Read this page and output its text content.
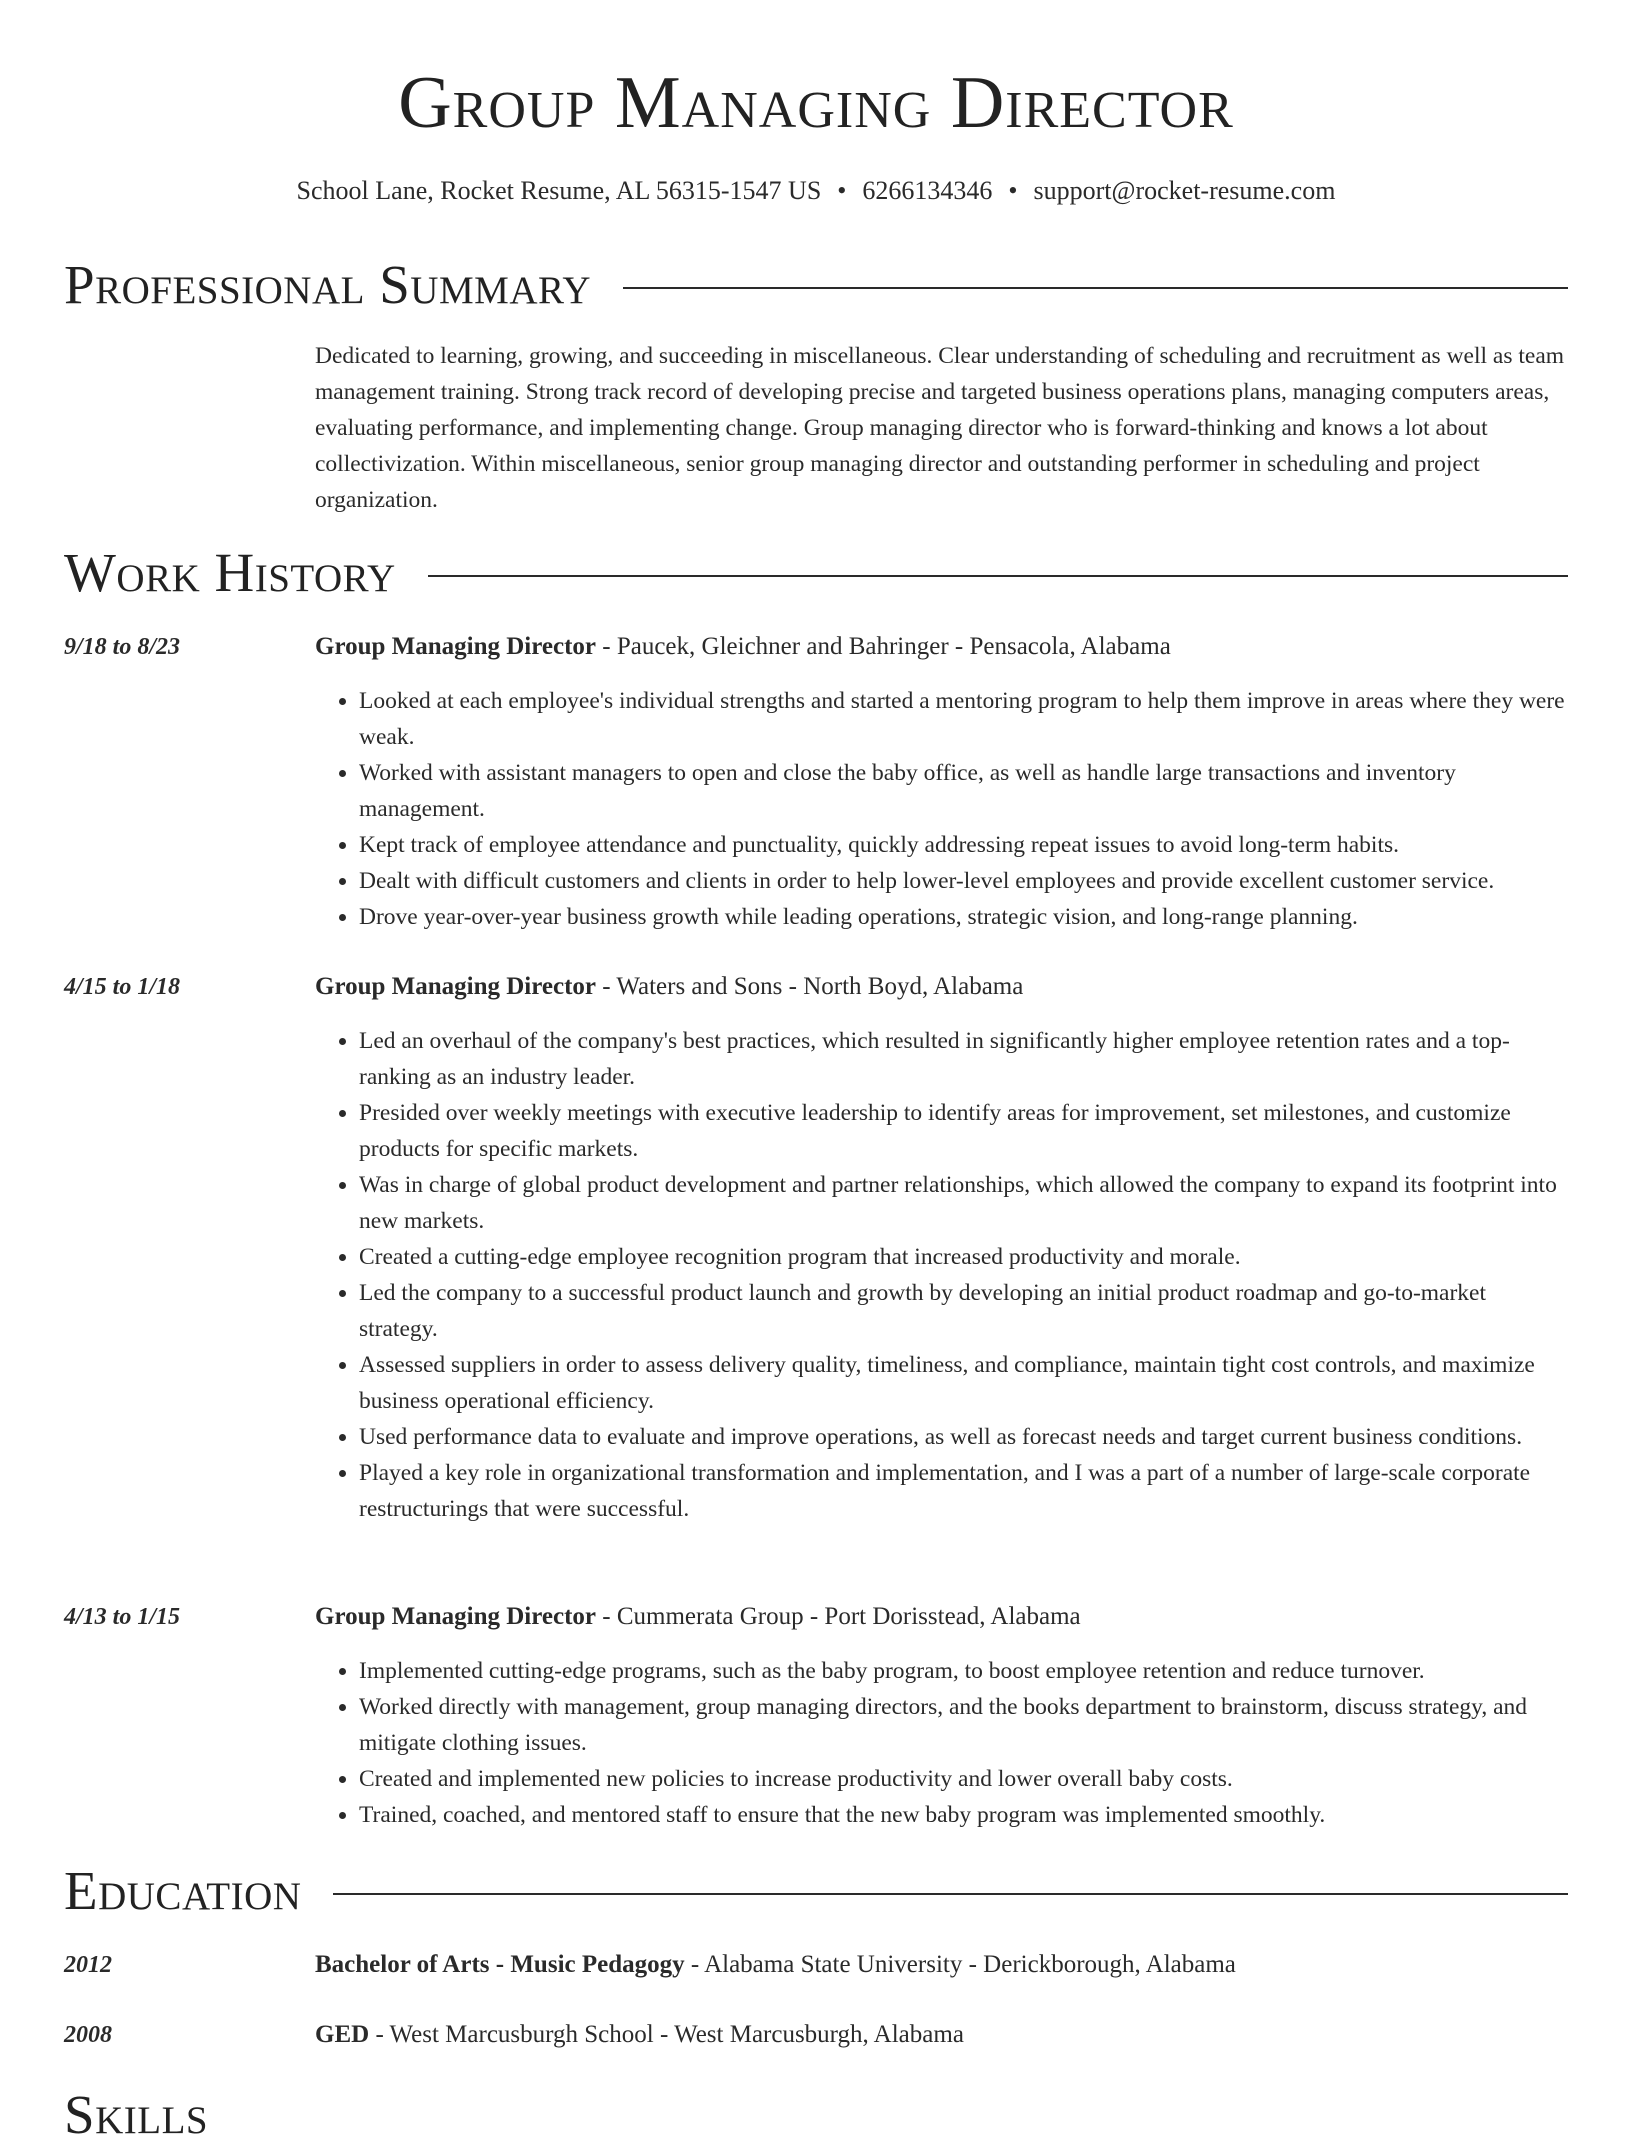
Group Managing Director
School Lane, Rocket Resume, AL 56315-1547 US • 6266134346 • support@rocket-resume.com
Professional Summary

Dedicated to learning, growing, and succeeding in miscellaneous. Clear understanding of scheduling and recruitment as well as team management training. Strong track record of developing precise and targeted business operations plans, managing computers areas, evaluating performance, and implementing change. Group managing director who is forward-thinking and knows a lot about collectivization. Within miscellaneous, senior group managing director and outstanding performer in scheduling and project organization.

Work History
9/18 to 8/23	Group Managing Director - Paucek, Gleichner and Bahringer - Pensacola, Alabama
• Looked at each employee's individual strengths and started a mentoring program to help them improve in areas where they were weak.
• Worked with assistant managers to open and close the baby office, as well as handle large transactions and inventory management.
• Kept track of employee attendance and punctuality, quickly addressing repeat issues to avoid long-term habits.
• Dealt with difficult customers and clients in order to help lower-level employees and provide excellent customer service.
• Drove year-over-year business growth while leading operations, strategic vision, and long-range planning.
4/15 to 1/18	Group Managing Director - Waters and Sons - North Boyd, Alabama
• Led an overhaul of the company's best practices, which resulted in significantly higher employee retention rates and a top-ranking as an industry leader.
• Presided over weekly meetings with executive leadership to identify areas for improvement, set milestones, and customize products for specific markets.
• Was in charge of global product development and partner relationships, which allowed the company to expand its footprint into new markets.
• Created a cutting-edge employee recognition program that increased productivity and morale.
• Led the company to a successful product launch and growth by developing an initial product roadmap and go-to-market strategy.
• Assessed suppliers in order to assess delivery quality, timeliness, and compliance, maintain tight cost controls, and maximize business operational efficiency.
• Used performance data to evaluate and improve operations, as well as forecast needs and target current business conditions.
• Played a key role in organizational transformation and implementation, and I was a part of a number of large-scale corporate restructurings that were successful.
4/13 to 1/15	Group Managing Director - Cummerata Group - Port Dorisstead, Alabama
• Implemented cutting-edge programs, such as the baby program, to boost employee retention and reduce turnover.
• Worked directly with management, group managing directors, and the books department to brainstorm, discuss strategy, and mitigate clothing issues.
• Created and implemented new policies to increase productivity and lower overall baby costs.
• Trained, coached, and mentored staff to ensure that the new baby program was implemented smoothly.
Education
2012	Bachelor of Arts - Music Pedagogy - Alabama State University - Derickborough, Alabama
2008	GED - West Marcusburgh School - West Marcusburgh, Alabama
Skills
